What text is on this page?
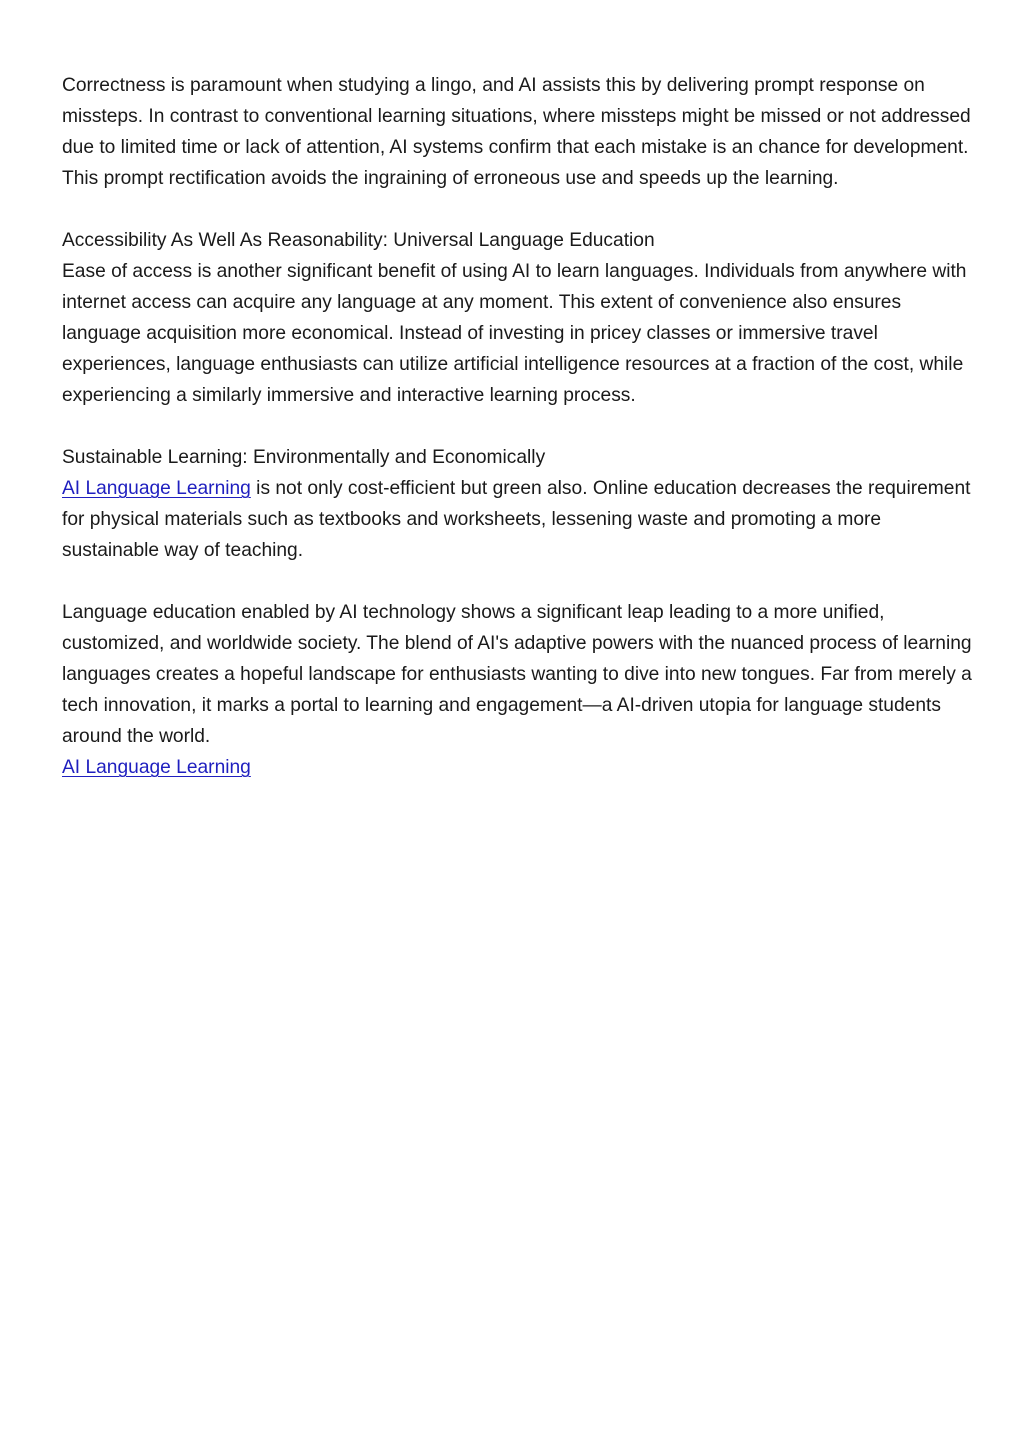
Correctness is paramount when studying a lingo, and AI assists this by delivering prompt response on missteps. In contrast to conventional learning situations, where missteps might be missed or not addressed due to limited time or lack of attention, AI systems confirm that each mistake is an chance for development. This prompt rectification avoids the ingraining of erroneous use and speeds up the learning.

Accessibility As Well As Reasonability: Universal Language Education
Ease of access is another significant benefit of using AI to learn languages. Individuals from anywhere with internet access can acquire any language at any moment. This extent of convenience also ensures language acquisition more economical. Instead of investing in pricey classes or immersive travel experiences, language enthusiasts can utilize artificial intelligence resources at a fraction of the cost, while experiencing a similarly immersive and interactive learning process.

Sustainable Learning: Environmentally and Economically
AI Language Learning is not only cost-efficient but green also. Online education decreases the requirement for physical materials such as textbooks and worksheets, lessening waste and promoting a more sustainable way of teaching.

Language education enabled by AI technology shows a significant leap leading to a more unified, customized, and worldwide society. The blend of AI's adaptive powers with the nuanced process of learning languages creates a hopeful landscape for enthusiasts wanting to dive into new tongues. Far from merely a tech innovation, it marks a portal to learning and engagement—a AI-driven utopia for language students around the world.
AI Language Learning
